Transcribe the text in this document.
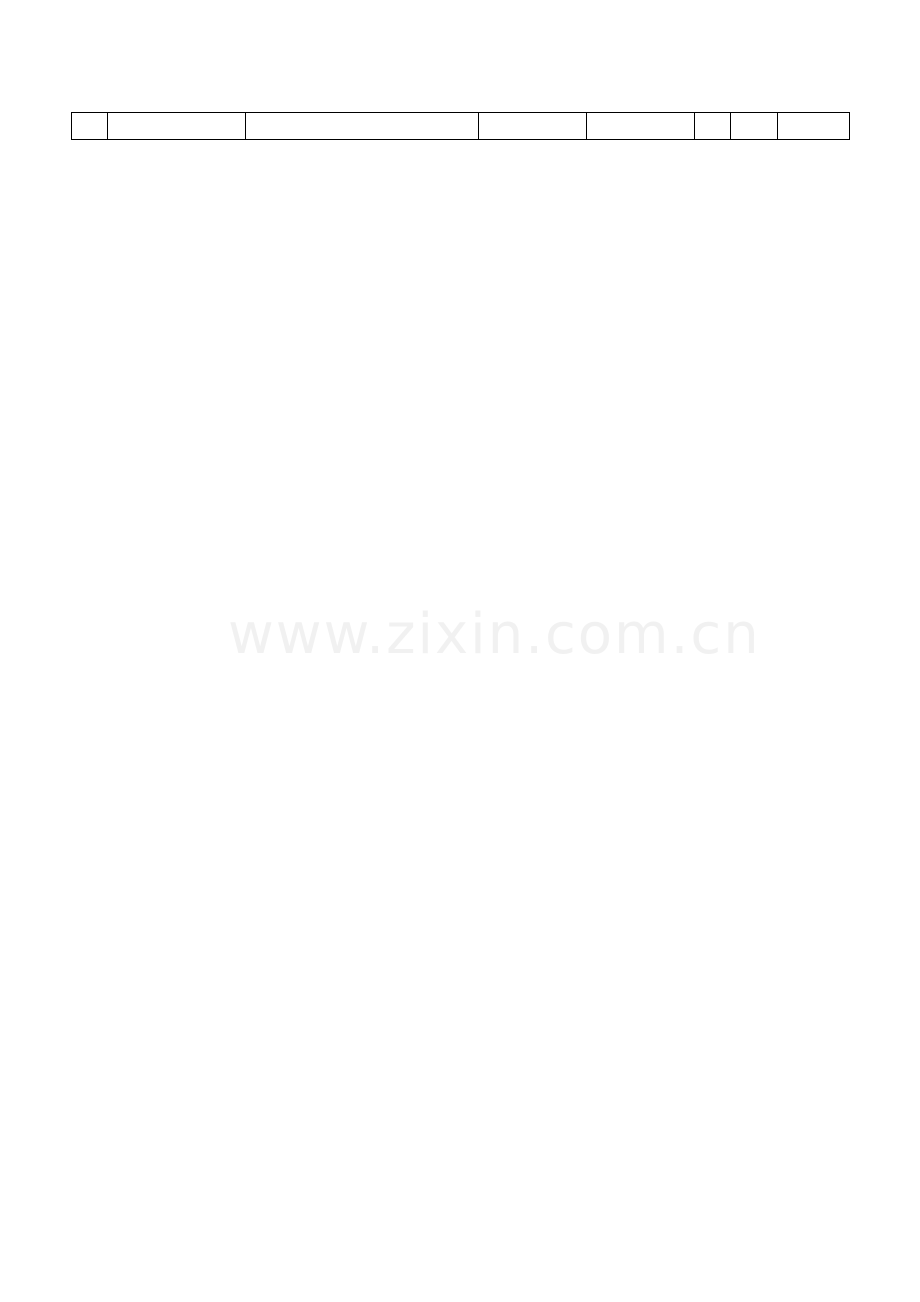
www.zixin.com.cn
